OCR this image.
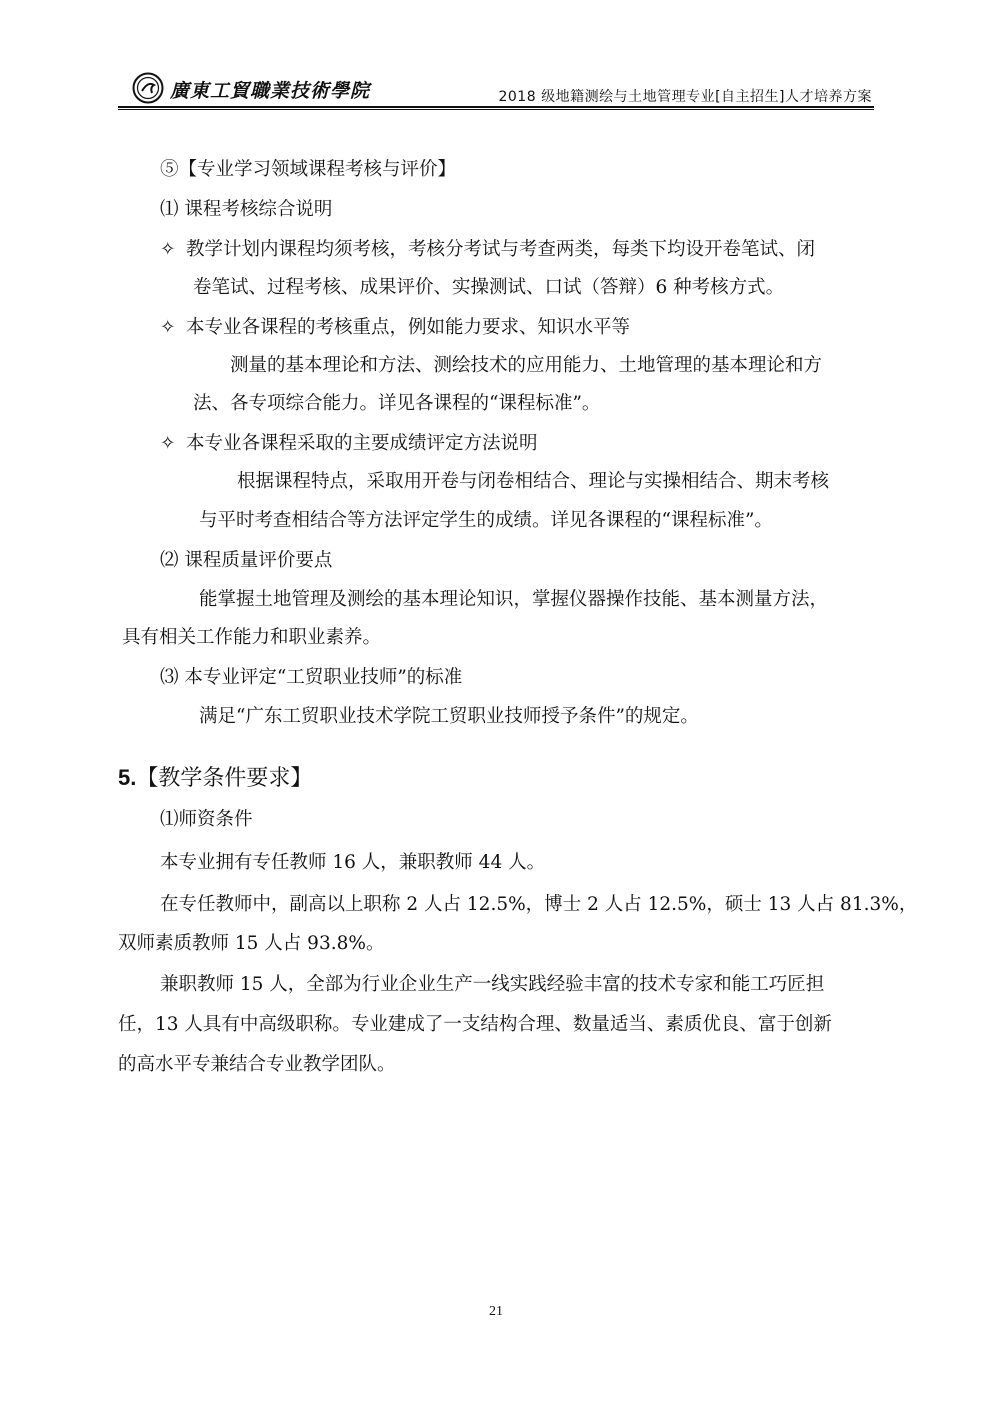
廣東工貿職業技術學院	2018 级地籍测绘与土地管理专业[自主招生]人才培养方案
⑤【专业学习领域课程考核与评价】
⑴ 课程考核综合说明
✧ 教学计划内课程均须考核，考核分考试与考查两类，每类下均设开卷笔试、闭
卷笔试、过程考核、成果评价、实操测试、口试（答辩）6 种考核方式。
✧ 本专业各课程的考核重点，例如能力要求、知识水平等
测量的基本理论和方法、测绘技术的应用能力、土地管理的基本理论和方
法、各专项综合能力。详见各课程的“课程标准”。
✧ 本专业各课程采取的主要成绩评定方法说明
根据课程特点，采取用开卷与闭卷相结合、理论与实操相结合、期末考核
与平时考查相结合等方法评定学生的成绩。详见各课程的“课程标准”。
⑵ 课程质量评价要点
能掌握土地管理及测绘的基本理论知识，掌握仪器操作技能、基本测量方法，
具有相关工作能力和职业素养。
⑶ 本专业评定“工贸职业技师”的标准
满足“广东工贸职业技术学院工贸职业技师授予条件”的规定。
5.【教学条件要求】
⑴师资条件
本专业拥有专任教师 16 人，兼职教师 44 人。
在专任教师中，副高以上职称 2 人占 12.5%，博士 2 人占 12.5%，硕士 13 人占 81.3%，
双师素质教师 15 人占 93.8%。
兼职教师 15 人，全部为行业企业生产一线实践经验丰富的技术专家和能工巧匠担
任，13 人具有中高级职称。专业建成了一支结构合理、数量适当、素质优良、富于创新
的高水平专兼结合专业教学团队。
21
